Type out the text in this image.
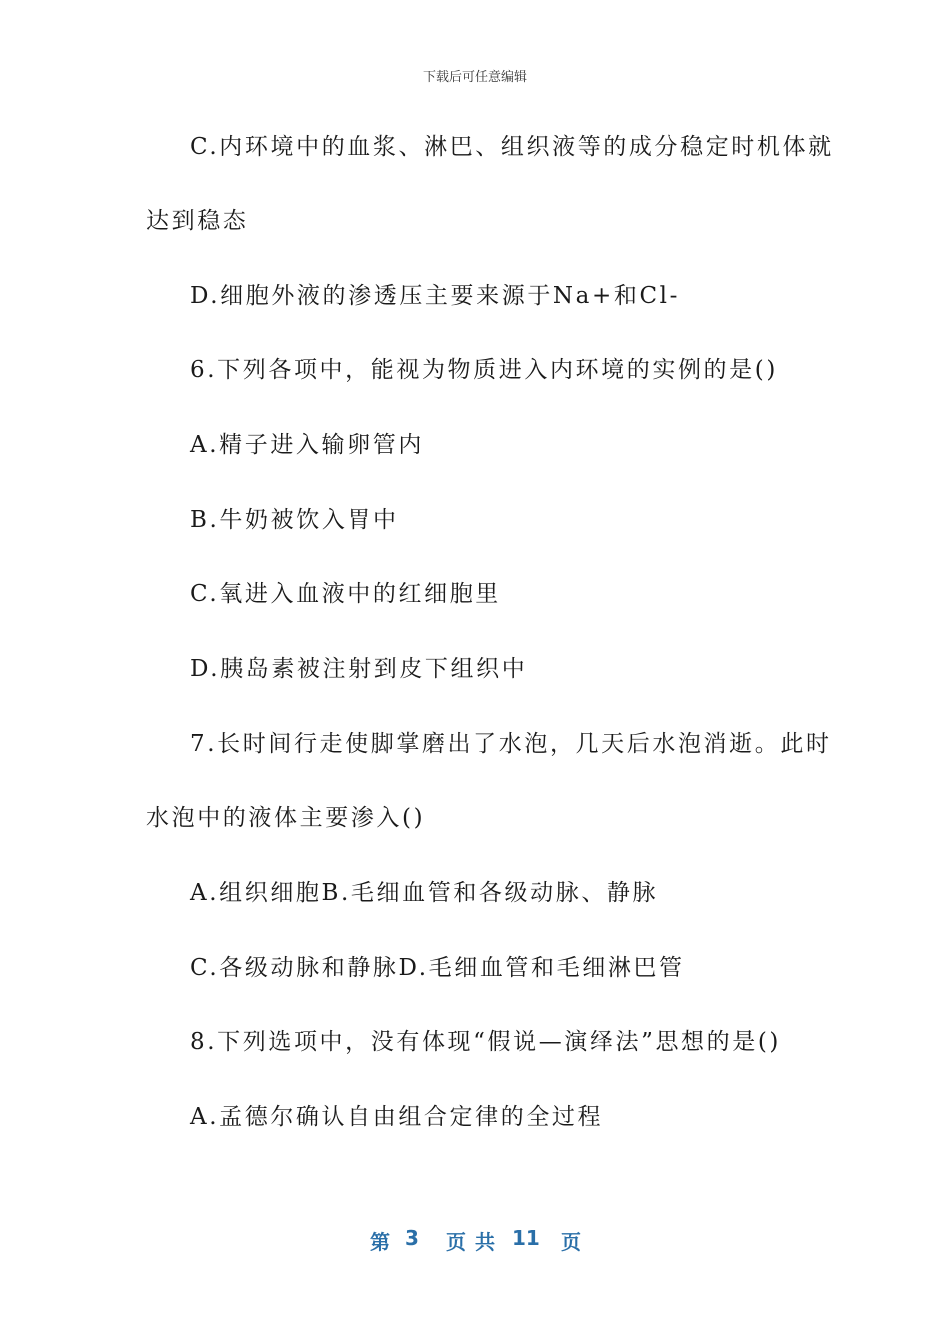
下载后可任意编辑
C.内环境中的血浆、淋巴、组织液等的成分稳定时机体就
达到稳态
D.细胞外液的渗透压主要来源于Na+和Cl-
6.下列各项中，能视为物质进入内环境的实例的是()
A.精子进入输卵管内
B.牛奶被饮入胃中
C.氧进入血液中的红细胞里
D.胰岛素被注射到皮下组织中
7.长时间行走使脚掌磨出了水泡，几天后水泡消逝。此时
水泡中的液体主要渗入()
A.组织细胞B.毛细血管和各级动脉、静脉
C.各级动脉和静脉D.毛细血管和毛细淋巴管
8.下列选项中，没有体现“假说—演绎法”思想的是()
A.孟德尔确认自由组合定律的全过程
第 3 页 共 11 页
